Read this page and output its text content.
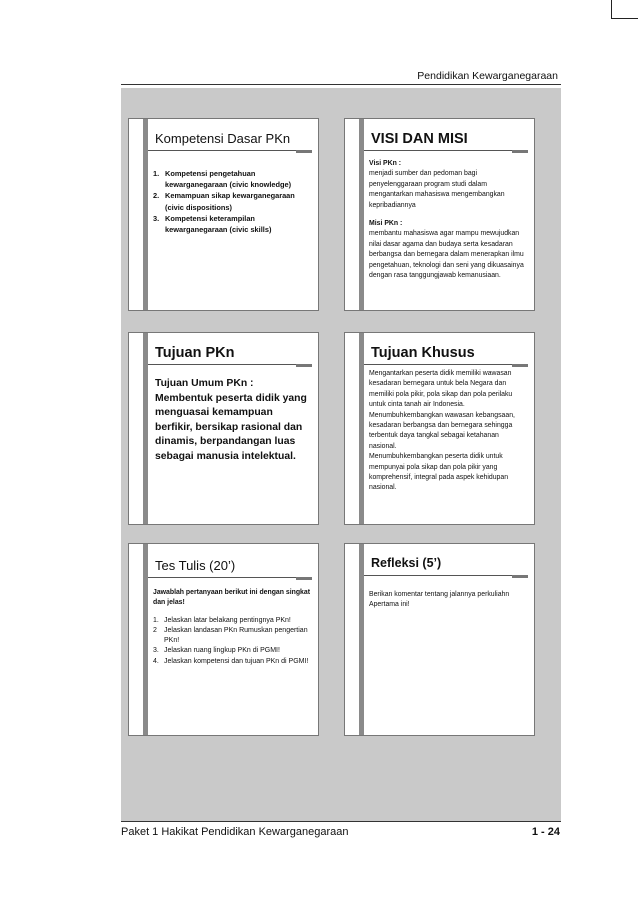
Pendidikan Kewarganegaraan
Kompetensi Dasar PKn
1. Kompetensi pengetahuan kewarganegaraan (civic knowledge)
2. Kemampuan sikap kewarganegaraan (civic dispositions)
3. Kompetensi keterampilan kewarganegaraan (civic skills)
VISI DAN MISI

Visi PKn :

menjadi sumber dan pedoman bagi penyelenggaraan program studi dalam mengantarkan mahasiswa mengembangkan kepribadiannya

Misi PKn :

membantu mahasiswa agar mampu mewujudkan nilai dasar agama dan budaya serta kesadaran berbangsa dan bernegara dalam menerapkan ilmu pengetahuan, teknologi dan seni yang dikuasainya dengan rasa tanggungjawab kemanusiaan.

Tujuan PKn

Tujuan Umum PKn :

Membentuk peserta didik yang menguasai kemampuan berfikir, bersikap rasional dan dinamis, berpandangan luas sebagai manusia intelektual.

Tujuan Khusus

Mengantarkan peserta didik memiliki wawasan kesadaran bernegara untuk bela Negara dan memiliki pola pikir, pola sikap dan pola perilaku untuk cinta tanah air Indonesia.

Menumbuhkembangkan wawasan kebangsaan, kesadaran berbangsa dan bernegara sehingga terbentuk daya tangkal sebagai ketahanan nasional.

Menumbuhkembangkan peserta didik untuk mempunyai pola sikap dan pola pikir yang komprehensif, integral pada aspek kehidupan nasional.

Tes Tulis (20’)

Jawablah pertanyaan berikut ini dengan singkat dan jelas!

1. Jelaskan latar belakang pentingnya PKn!
2 Jelaskan landasan PKn Rumuskan pengertian PKn!
3. Jelaskan ruang lingkup PKn di PGMI!
4. Jelaskan kompetensi dan tujuan PKn di PGMI!
Refleksi (5’)

Berikan komentar tentang jalannya perkuliahn Apertama ini!

Paket 1 Hakikat Pendidikan Kewarganegaraan	1 - 24
